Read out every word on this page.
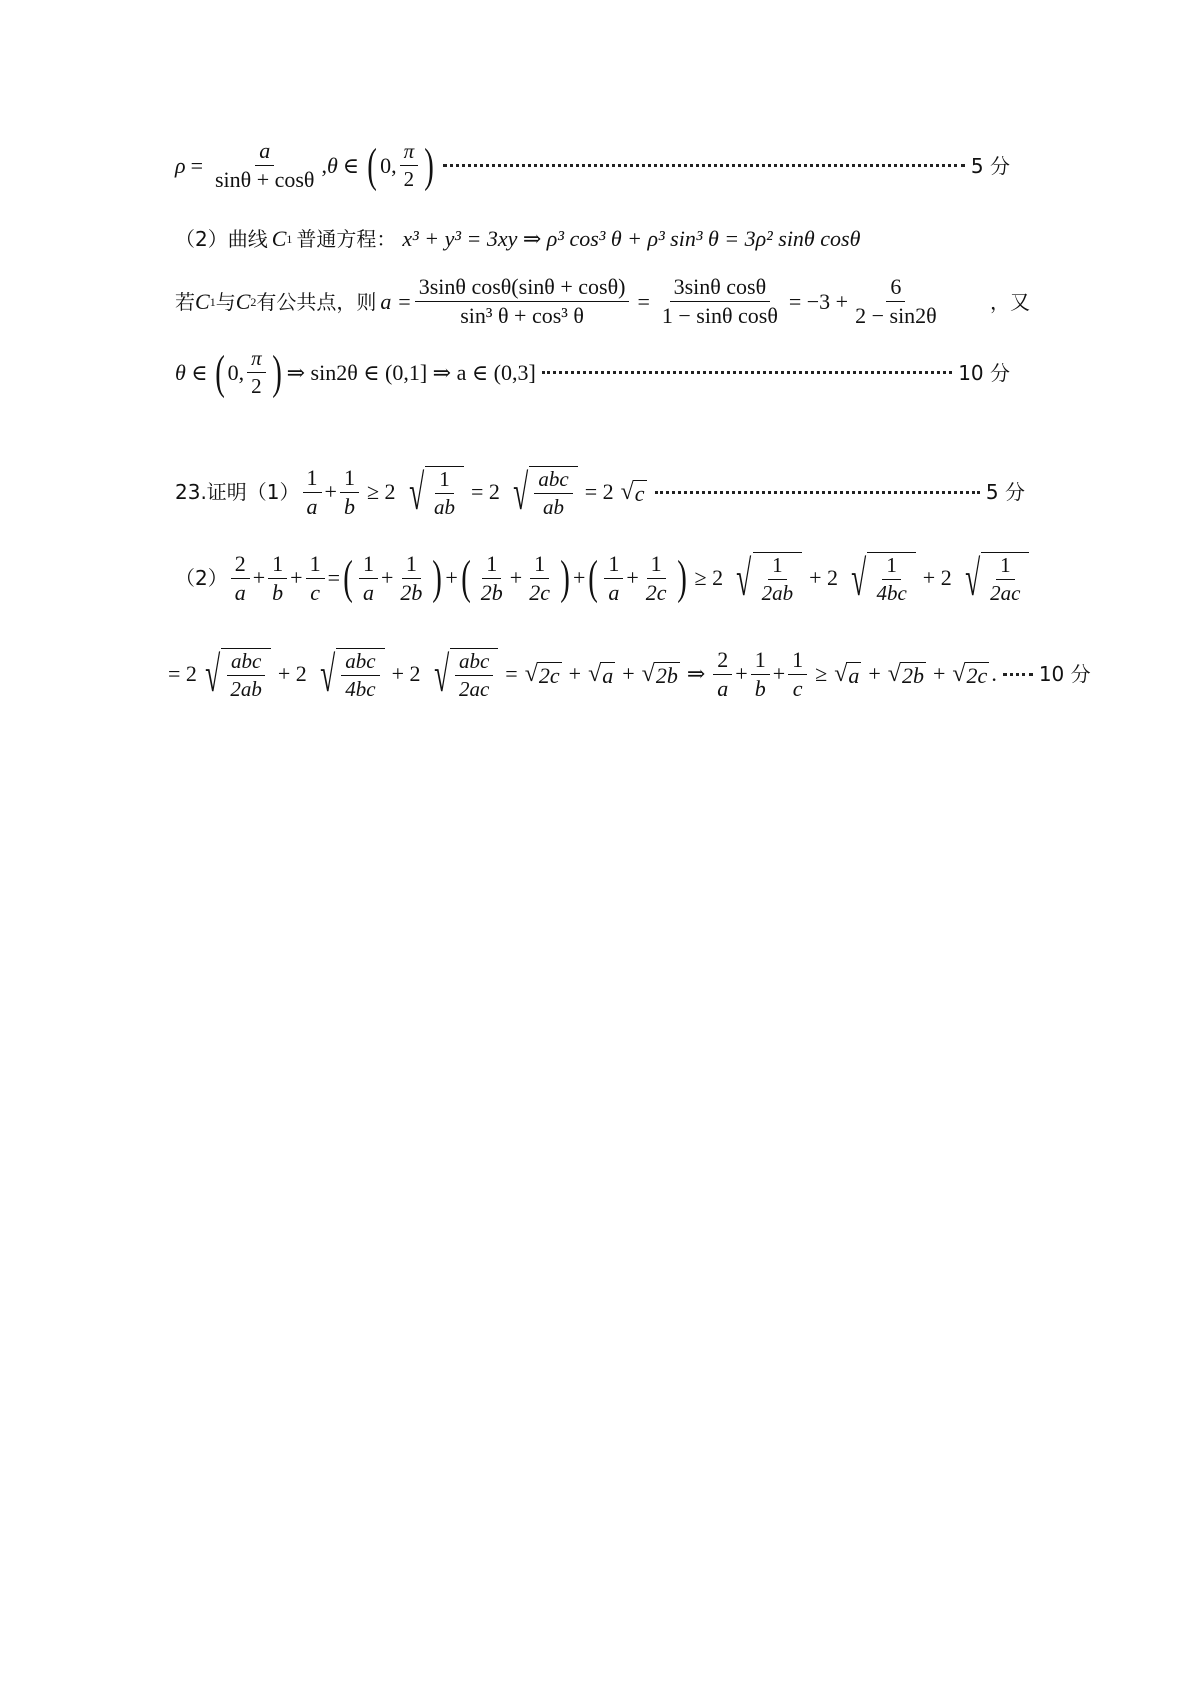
$\rho = \frac{a}{\sin\theta + \cos\theta}$ , θ ∈ ( 0, $\frac{\pi}{2}$ )	5 分
（2）曲线 C 1 普通方程： x³ + y³ = 3xy ⇒ ρ³ cos³ θ + ρ³ sin³ θ = 3ρ² sinθ cosθ
若 C 1 与 C 2 有公共点，则 $a = \frac{\text{3sinθ cosθ(sinθ + cosθ)}}{\text{sin³ θ + cos³ θ}} = \frac{\text{3sinθ cosθ}}{\text{1 − sinθ cosθ}} = -3 + \frac{6}{2 - \sin 2\theta}$ ，又
θ ∈ ( 0, $\frac{\pi}{2}$ ) ⇒ sin2θ ∈ (0,1] ⇒ a ∈ (0,3]	10 分
23.证明$(1) \frac{1}{a} + \frac{1}{b} \ge 2$ √ $\frac{1}{ab} = 2$ √ $\frac{\text{abc}}{ab} = 2$ √ c	5 分
$(2) \frac{2}{a} + \frac{1}{b} + \frac{1}{c}$ = ( $\frac{1}{a} + \frac{1}{2b}$ ) + ( $\frac{1}{2b} + \frac{1}{2c}$ ) + ( $\frac{1}{a} + \frac{1}{2c}$ ) ≥ 2 √ $\frac{1}{2ab} + 2$ √ $\frac{1}{4bc} + 2$ √ $\frac{1}{2ac}$
= 2 √ $\frac{\text{abc}}{2ab} + 2$ √ $\frac{\text{abc}}{4bc} + 2$ √ $\frac{\text{abc}}{2ac}$ = √ 2c + √ a + √ 2b ⇒ $\frac{2}{a} + \frac{1}{b} + \frac{1}{c}$ ≥ √ a + √ 2b + √ 2c . 10 分
